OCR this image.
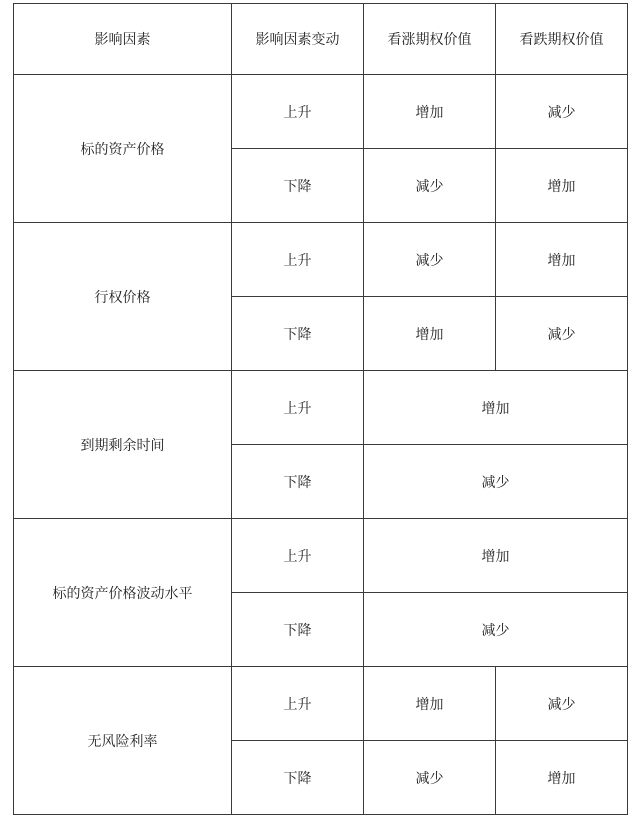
影响因素	影响因素变动	看涨期权价值	看跌期权价值
标的资产价格	上升	增加	减少
	下降	减少	增加
行权价格	上升	减少	增加
	下降	增加	减少
到期剩余时间	上升	增加	
	下降	减少	
标的资产价格波动水平	上升	增加	
	下降	减少	
无风险利率	上升	增加	减少
	下降	减少	增加
